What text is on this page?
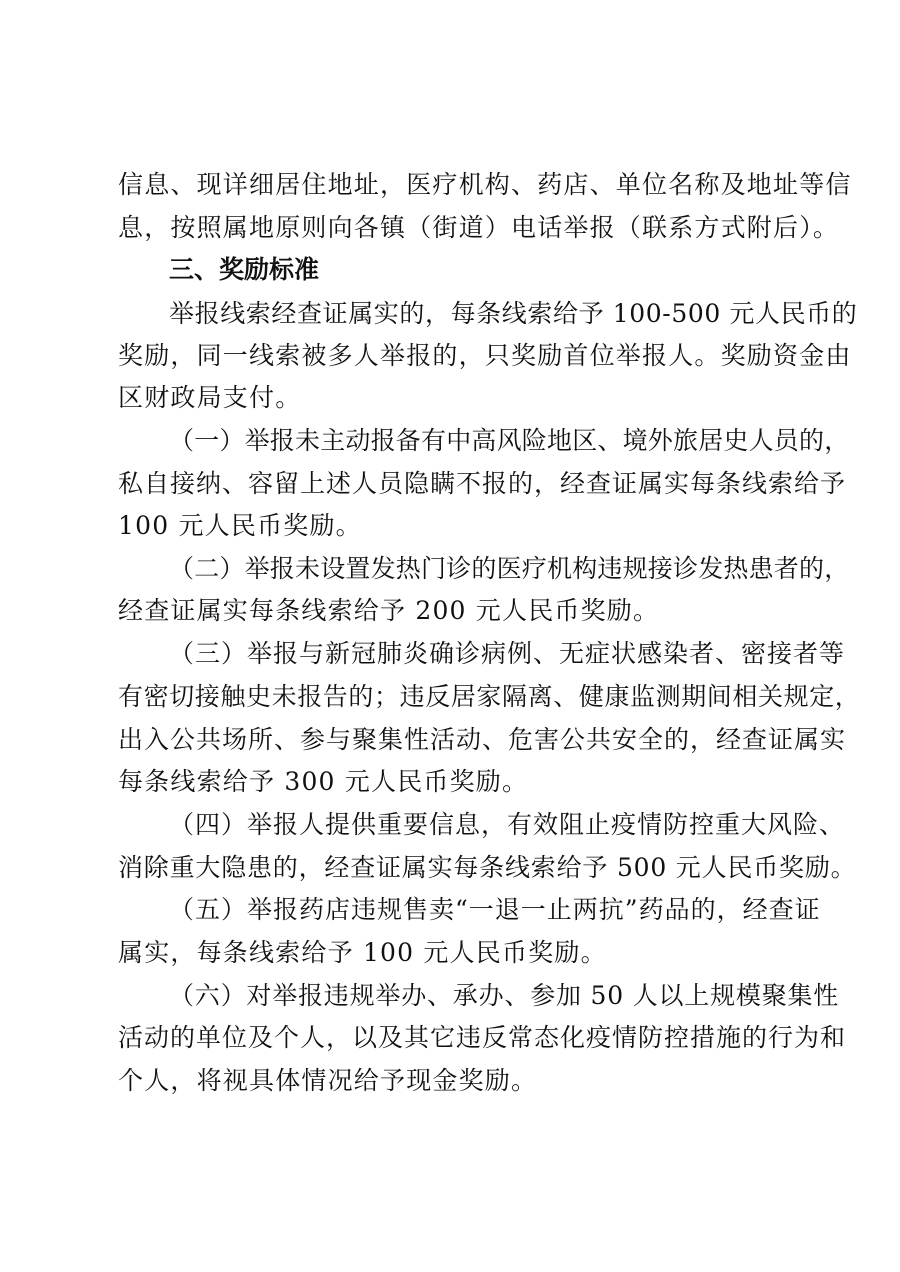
信息、现详细居住地址，医疗机构、药店、单位名称及地址等信
息，按照属地原则向各镇（街道）电话举报（联系方式附后）。
三、奖励标准
举报线索经查证属实的，每条线索给予 100-500 元人民币的
奖励，同一线索被多人举报的，只奖励首位举报人。奖励资金由
区财政局支付。
（一）举报未主动报备有中高风险地区、境外旅居史人员的，
私自接纳、容留上述人员隐瞒不报的，经查证属实每条线索给予
100 元人民币奖励。
（二）举报未设置发热门诊的医疗机构违规接诊发热患者的，
经查证属实每条线索给予 200 元人民币奖励。
（三）举报与新冠肺炎确诊病例、无症状感染者、密接者等
有密切接触史未报告的；违反居家隔离、健康监测期间相关规定，
出入公共场所、参与聚集性活动、危害公共安全的，经查证属实
每条线索给予 300 元人民币奖励。
（四）举报人提供重要信息，有效阻止疫情防控重大风险、
消除重大隐患的，经查证属实每条线索给予 500 元人民币奖励。
（五）举报药店违规售卖“一退一止两抗”药品的，经查证
属实，每条线索给予 100 元人民币奖励。
（六）对举报违规举办、承办、参加 50 人以上规模聚集性
活动的单位及个人，以及其它违反常态化疫情防控措施的行为和
个人，将视具体情况给予现金奖励。
